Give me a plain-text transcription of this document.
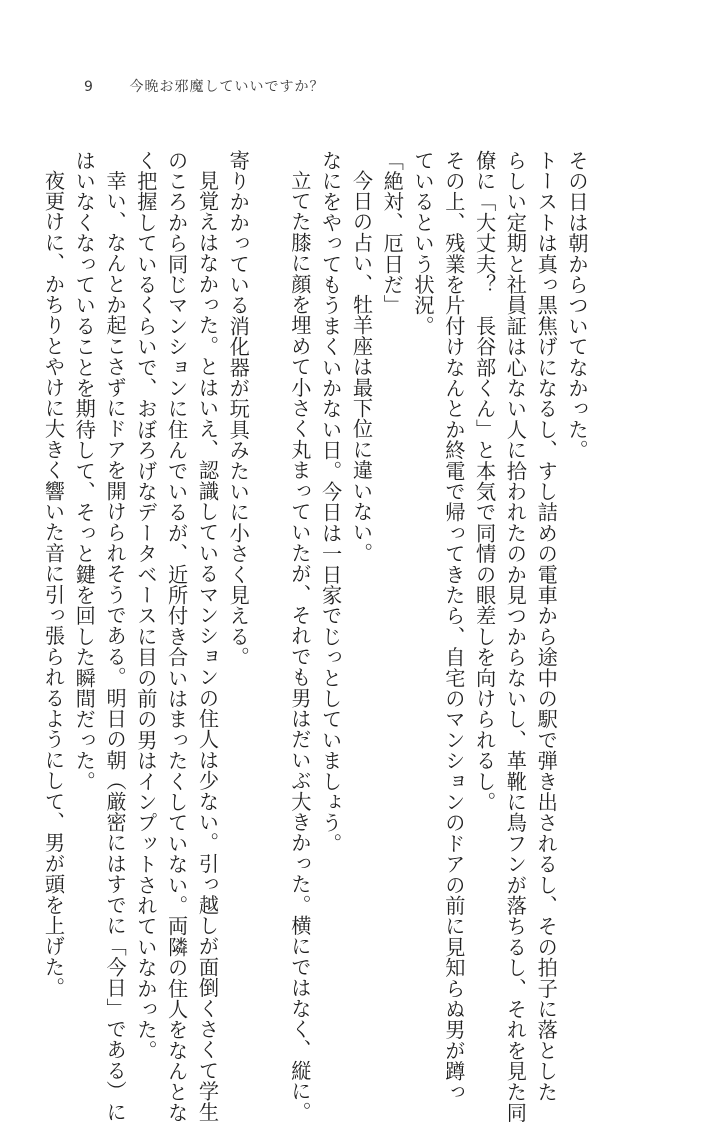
9	今晩お邪魔していいですか？
その日は朝からついてなかった。
トーストは真っ黒焦げになるし、すし詰めの電車から途中の駅で弾き出されるし、その拍子に落とした
らしい定期と社員証は心ない人に拾われたのか見つからないし、革靴に鳥フンが落ちるし、それを見た同
僚に「大丈夫？　長谷部くん」と本気で同情の眼差しを向けられるし。
その上、残業を片付けなんとか終電で帰ってきたら、自宅のマンションのドアの前に見知らぬ男が蹲っ
ているという状況。
「絶対、厄日だ」
今日の占い、牡羊座は最下位に違いない。
なにをやってもうまくいかない日。今日は一日家でじっとしていましょう。
立てた膝に顔を埋めて小さく丸まっていたが、それでも男はだいぶ大きかった。横にではなく、縦に。
寄りかかっている消化器が玩具みたいに小さく見える。
見覚えはなかった。とはいえ、認識しているマンションの住人は少ない。引っ越しが面倒くさくて学生
のころから同じマンションに住んでいるが、近所付き合いはまったくしていない。両隣の住人をなんとな
く把握しているくらいで、おぼろげなデータベースに目の前の男はインプットされていなかった。
幸い、なんとか起こさずにドアを開けられそうである。明日の朝（厳密にはすでに「今日」である）に
はいなくなっていることを期待して、そっと鍵を回した瞬間だった。
夜更けに、かちりとやけに大きく響いた音に引っ張られるようにして、男が頭を上げた。
